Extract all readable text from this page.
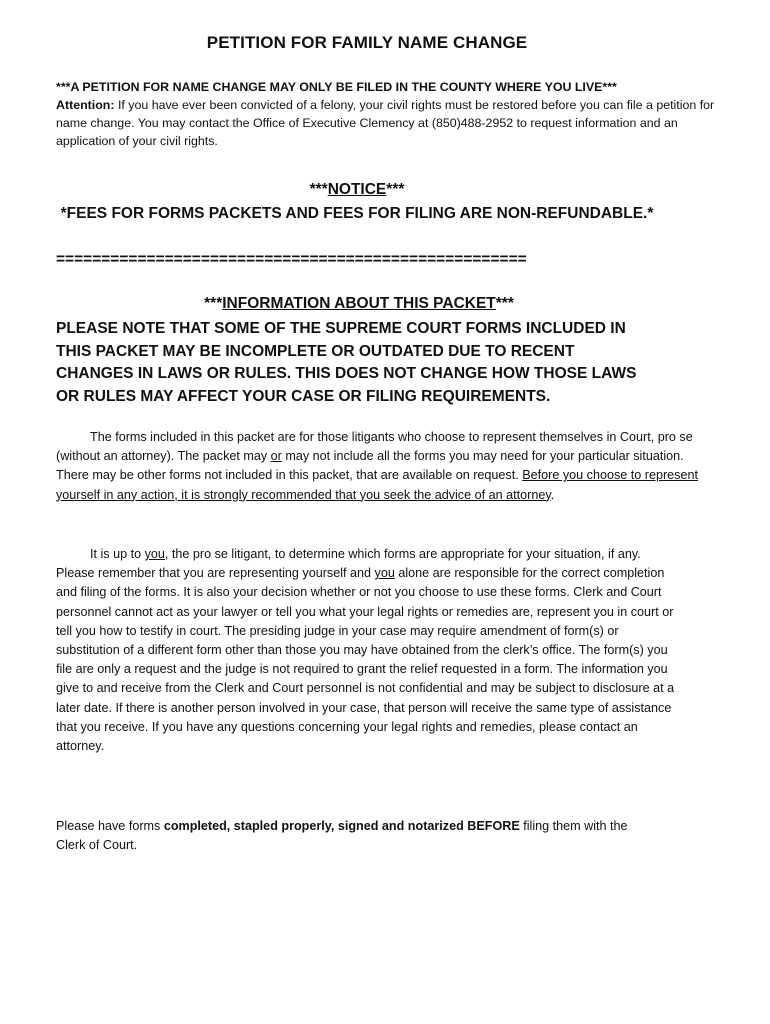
PETITION FOR FAMILY NAME CHANGE
***A PETITION FOR NAME CHANGE MAY ONLY BE FILED IN THE COUNTY WHERE YOU LIVE***
Attention: If you have ever been convicted of a felony, your civil rights must be restored before you can file a petition for name change. You may contact the Office of Executive Clemency at (850)488-2952 to request information and an application of your civil rights.
***NOTICE***
*FEES FOR FORMS PACKETS AND FEES FOR FILING ARE NON-REFUNDABLE.*
====================================================
***INFORMATION ABOUT THIS PACKET***
PLEASE NOTE THAT SOME OF THE SUPREME COURT FORMS INCLUDED IN THIS PACKET MAY BE INCOMPLETE OR OUTDATED DUE TO RECENT CHANGES IN LAWS OR RULES. THIS DOES NOT CHANGE HOW THOSE LAWS OR RULES MAY AFFECT YOUR CASE OR FILING REQUIREMENTS.
The forms included in this packet are for those litigants who choose to represent themselves in Court, pro se (without an attorney). The packet may or may not include all the forms you may need for your particular situation. There may be other forms not included in this packet, that are available on request. Before you choose to represent yourself in any action, it is strongly recommended that you seek the advice of an attorney.
It is up to you, the pro se litigant, to determine which forms are appropriate for your situation, if any. Please remember that you are representing yourself and you alone are responsible for the correct completion and filing of the forms. It is also your decision whether or not you choose to use these forms. Clerk and Court personnel cannot act as your lawyer or tell you what your legal rights or remedies are, represent you in court or tell you how to testify in court. The presiding judge in your case may require amendment of form(s) or substitution of a different form other than those you may have obtained from the clerk’s office. The form(s) you file are only a request and the judge is not required to grant the relief requested in a form. The information you give to and receive from the Clerk and Court personnel is not confidential and may be subject to disclosure at a later date. If there is another person involved in your case, that person will receive the same type of assistance that you receive. If you have any questions concerning your legal rights and remedies, please contact an attorney.
Please have forms completed, stapled properly, signed and notarized BEFORE filing them with the Clerk of Court.
